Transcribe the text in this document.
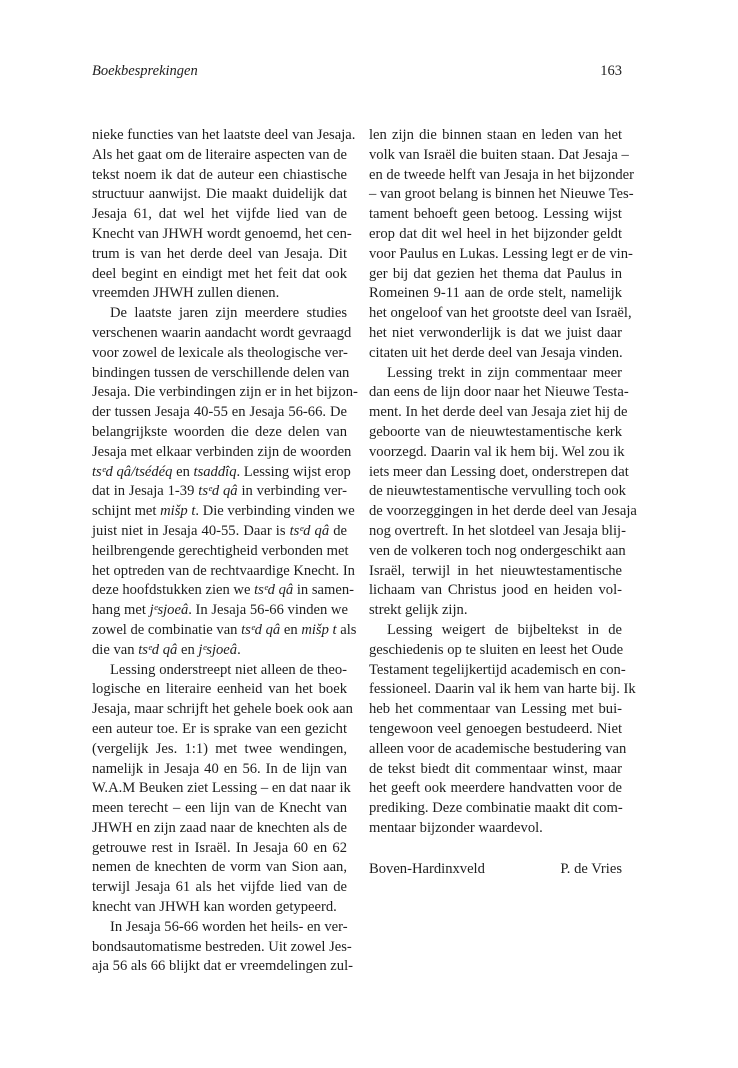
Boekbesprekingen	163
nieke functies van het laatste deel van Jesaja.
Als het gaat om de literaire aspecten van de
tekst noem ik dat de auteur een chiastische
structuur aanwijst. Die maakt duidelijk dat
Jesaja 61, dat wel het vijfde lied van de
Knecht van JHWH wordt genoemd, het cen-
trum is van het derde deel van Jesaja. Dit
deel begint en eindigt met het feit dat ook
vreemden JHWH zullen dienen.
De laatste jaren zijn meerdere studies
verschenen waarin aandacht wordt gevraagd
voor zowel de lexicale als theologische ver-
bindingen tussen de verschillende delen van
Jesaja. Die verbindingen zijn er in het bijzon-
der tussen Jesaja 40-55 en Jesaja 56-66. De
belangrijkste woorden die deze delen van
Jesaja met elkaar verbinden zijn de woorden
tsᵉd qâ/tsédéq en tsaddîq. Lessing wijst erop
dat in Jesaja 1-39 tsᵉd qâ in verbinding ver-
schijnt met mišp t. Die verbinding vinden we
juist niet in Jesaja 40-55. Daar is tsᵉd qâ de
heilbrengende gerechtigheid verbonden met
het optreden van de rechtvaardige Knecht. In
deze hoofdstukken zien we tsᵉd qâ in samen-
hang met jᵉsjoeâ. In Jesaja 56-66 vinden we
zowel de combinatie van tsᵉd qâ en mišp t als
die van tsᵉd qâ en jᵉsjoeâ.
Lessing onderstreept niet alleen de theo-
logische en literaire eenheid van het boek
Jesaja, maar schrijft het gehele boek ook aan
een auteur toe. Er is sprake van een gezicht
(vergelijk Jes. 1:1) met twee wendingen,
namelijk in Jesaja 40 en 56. In de lijn van
W.A.M Beuken ziet Lessing – en dat naar ik
meen terecht – een lijn van de Knecht van
JHWH en zijn zaad naar de knechten als de
getrouwe rest in Israël. In Jesaja 60 en 62
nemen de knechten de vorm van Sion aan,
terwijl Jesaja 61 als het vijfde lied van de
knecht van JHWH kan worden getypeerd.
In Jesaja 56-66 worden het heils- en ver-
bondsautomatisme bestreden. Uit zowel Jes-
aja 56 als 66 blijkt dat er vreemdelingen zul-
len zijn die binnen staan en leden van het
volk van Israël die buiten staan. Dat Jesaja –
en de tweede helft van Jesaja in het bijzonder
– van groot belang is binnen het Nieuwe Tes-
tament behoeft geen betoog. Lessing wijst
erop dat dit wel heel in het bijzonder geldt
voor Paulus en Lukas. Lessing legt er de vin-
ger bij dat gezien het thema dat Paulus in
Romeinen 9-11 aan de orde stelt, namelijk
het ongeloof van het grootste deel van Israël,
het niet verwonderlijk is dat we juist daar
citaten uit het derde deel van Jesaja vinden.
Lessing trekt in zijn commentaar meer
dan eens de lijn door naar het Nieuwe Testa-
ment. In het derde deel van Jesaja ziet hij de
geboorte van de nieuwtestamentische kerk
voorzegd. Daarin val ik hem bij. Wel zou ik
iets meer dan Lessing doet, onderstrepen dat
de nieuwtestamentische vervulling toch ook
de voorzeggingen in het derde deel van Jesaja
nog overtreft. In het slotdeel van Jesaja blij-
ven de volkeren toch nog ondergeschikt aan
Israël, terwijl in het nieuwtestamentische
lichaam van Christus jood en heiden vol-
strekt gelijk zijn.
Lessing weigert de bijbeltekst in de
geschiedenis op te sluiten en leest het Oude
Testament tegelijkertijd academisch en con-
fessioneel. Daarin val ik hem van harte bij. Ik
heb het commentaar van Lessing met bui-
tengewoon veel genoegen bestudeerd. Niet
alleen voor de academische bestudering van
de tekst biedt dit commentaar winst, maar
het geeft ook meerdere handvatten voor de
prediking. Deze combinatie maakt dit com-
mentaar bijzonder waardevol.
Boven-Hardinxveld	P. de Vries
